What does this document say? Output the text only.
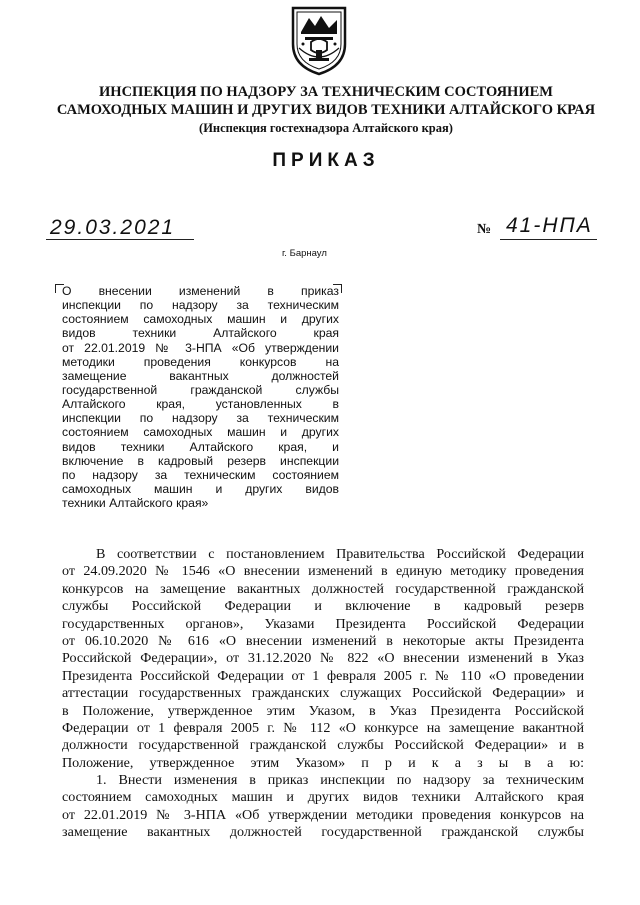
ИНСПЕКЦИЯ ПО НАДЗОРУ ЗА ТЕХНИЧЕСКИМ СОСТОЯНИЕМ
САМОХОДНЫХ МАШИН И ДРУГИХ ВИДОВ ТЕХНИКИ АЛТАЙСКОГО КРАЯ
(Инспекция гостехнадзора Алтайского края)
ПРИКАЗ
29.03.2021	№ 41-НПА
г. Барнаул
О внесении изменений в приказ
инспекции по надзору за техническим
состоянием самоходных машин и других
видов техники Алтайского края
от 22.01.2019 № 3-НПА «Об утверждении
методики проведения конкурсов на
замещение вакантных должностей
государственной гражданской службы
Алтайского края, установленных в
инспекции по надзору за техническим
состоянием самоходных машин и других
видов техники Алтайского края, и
включение в кадровый резерв инспекции
по надзору за техническим состоянием
самоходных машин и других видов
техники Алтайского края»
В соответствии с постановлением Правительства Российской Федерации
от 24.09.2020 № 1546 «О внесении изменений в единую методику проведения
конкурсов на замещение вакантных должностей государственной гражданской
службы Российской Федерации и включение в кадровый резерв
государственных органов», Указами Президента Российской Федерации
от 06.10.2020 № 616 «О внесении изменений в некоторые акты Президента
Российской Федерации», от 31.12.2020 № 822 «О внесении изменений в Указ
Президента Российской Федерации от 1 февраля 2005 г. № 110 «О проведении
аттестации государственных гражданских служащих Российской Федерации» и
в Положение, утвержденное этим Указом, в Указ Президента Российской
Федерации от 1 февраля 2005 г. № 112 «О конкурсе на замещение вакантной
должности государственной гражданской службы Российской Федерации» и в
Положение, утвержденное этим Указом» п р и к а з ы в а ю:
1. Внести изменения в приказ инспекции по надзору за техническим
состоянием самоходных машин и других видов техники Алтайского края
от 22.01.2019 № 3-НПА «Об утверждении методики проведения конкурсов на
замещение вакантных должностей государственной гражданской службы
